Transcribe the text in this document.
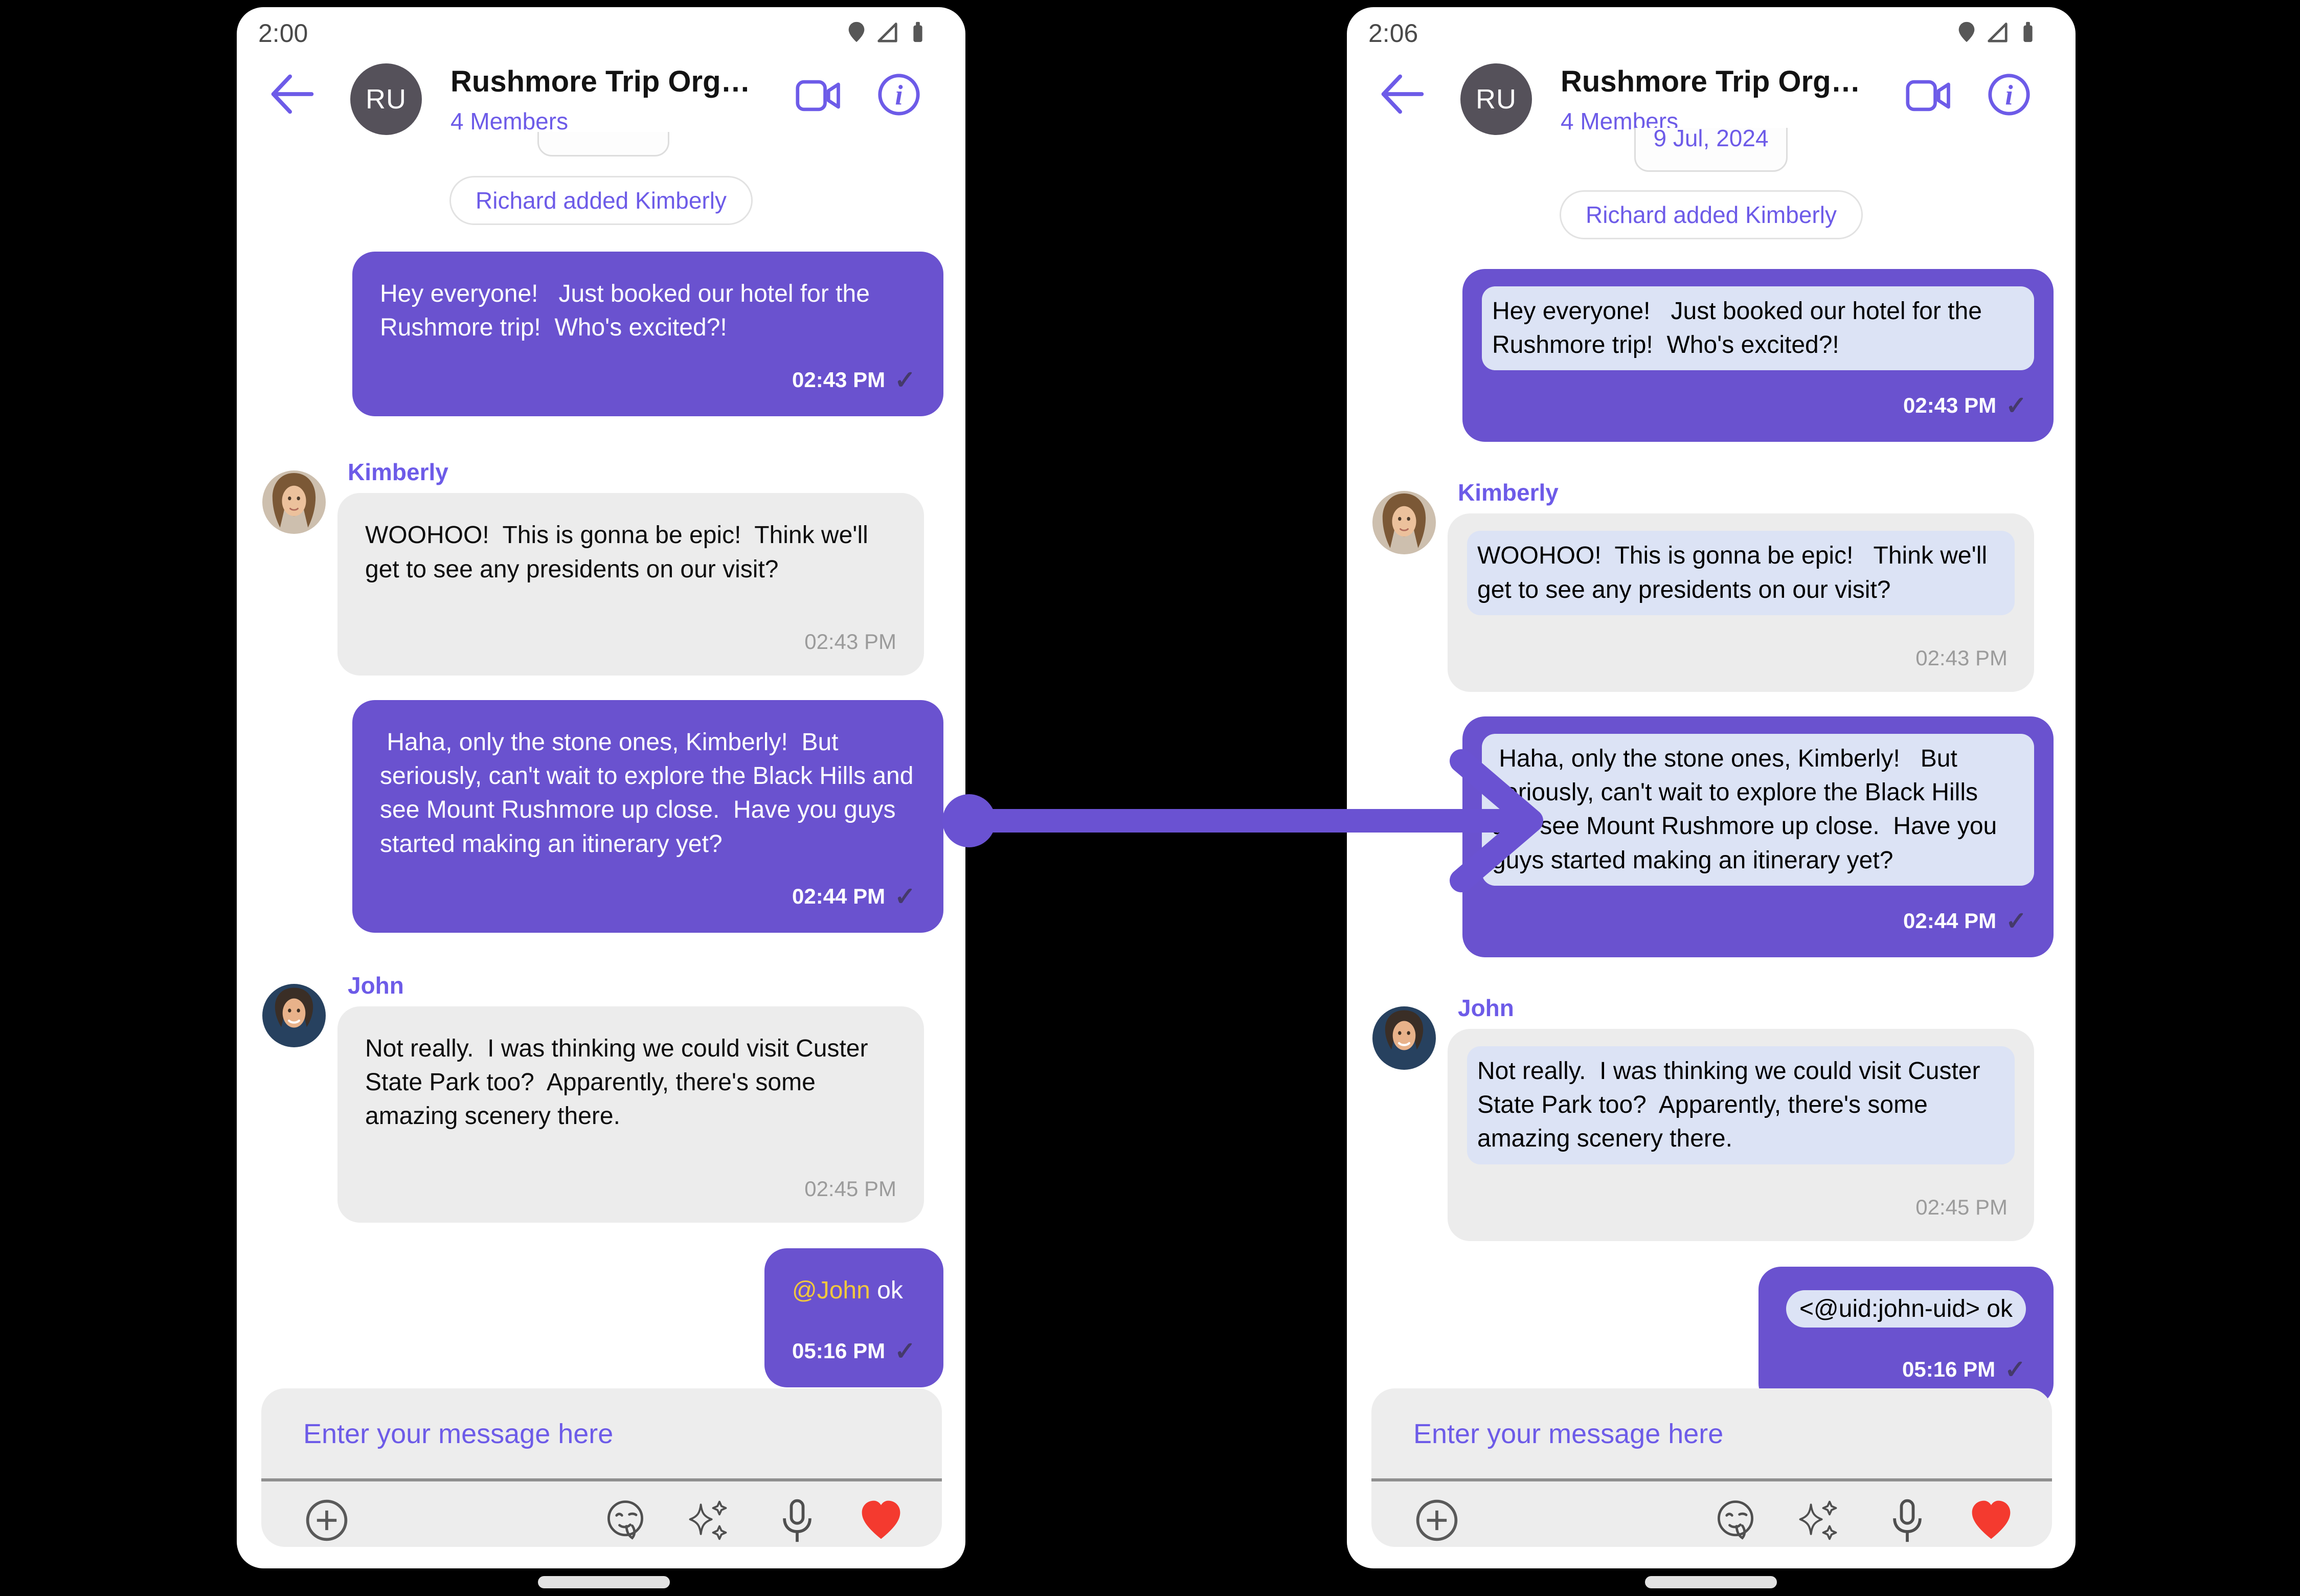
2:00
RU
Rushmore Trip Org…
4 Members
i
Richard added Kimberly
Hey everyone!   Just booked our hotel for the Rushmore trip!  Who's excited?!
02:43 PM ✓
Kimberly
WOOHOO!  This is gonna be epic!  Think we'll get to see any presidents on our visit?
02:43 PM
Haha, only the stone ones, Kimberly!  But seriously, can't wait to explore the Black Hills and see Mount Rushmore up close.  Have you guys started making an itinerary yet?
02:44 PM ✓
John
Not really.  I was thinking we could visit Custer State Park too?  Apparently, there's some amazing scenery there.
02:45 PM
@John ok
05:16 PM ✓
Enter your message here
2:06
RU
Rushmore Trip Org…
4 Members
i
9 Jul, 2024
Richard added Kimberly
Hey everyone!   Just booked our hotel for the Rushmore trip!  Who's excited?!
02:43 PM ✓
Kimberly
WOOHOO!  This is gonna be epic!   Think we'll get to see any presidents on our visit?
02:43 PM
Haha, only the stone ones, Kimberly!   But seriously, can't wait to explore the Black Hills and see Mount Rushmore up close.  Have you guys started making an itinerary yet?
02:44 PM ✓
John
Not really.  I was thinking we could visit Custer State Park too?  Apparently, there's some amazing scenery there.
02:45 PM
<@uid:john-uid> ok
05:16 PM ✓
Enter your message here
